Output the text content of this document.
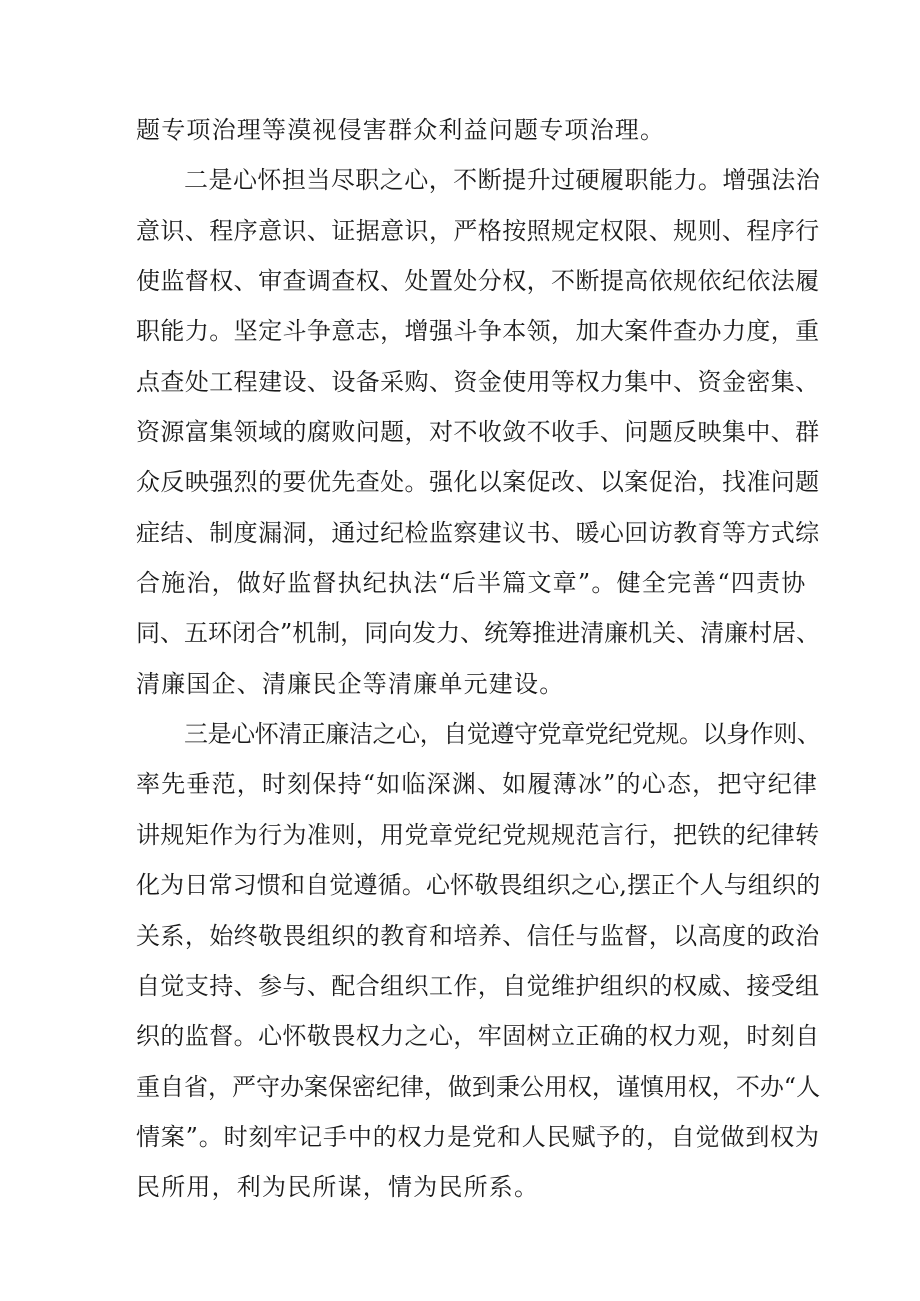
题专项治理等漠视侵害群众利益问题专项治理。
二是心怀担当尽职之心，不断提升过硬履职能力。增强法治
意识、程序意识、证据意识，严格按照规定权限、规则、程序行
使监督权、审查调查权、处置处分权，不断提高依规依纪依法履
职能力。坚定斗争意志，增强斗争本领，加大案件查办力度，重
点查处工程建设、设备采购、资金使用等权力集中、资金密集、
资源富集领域的腐败问题，对不收敛不收手、问题反映集中、群
众反映强烈的要优先查处。强化以案促改、以案促治，找准问题
症结、制度漏洞，通过纪检监察建议书、暖心回访教育等方式综
合施治，做好监督执纪执法“后半篇文章”。健全完善“四责协
同、五环闭合”机制，同向发力、统筹推进清廉机关、清廉村居、
清廉国企、清廉民企等清廉单元建设。
三是心怀清正廉洁之心，自觉遵守党章党纪党规。以身作则、
率先垂范，时刻保持“如临深渊、如履薄冰”的心态，把守纪律
讲规矩作为行为准则，用党章党纪党规规范言行，把铁的纪律转
化为日常习惯和自觉遵循。心怀敬畏组织之心,摆正个人与组织的
关系，始终敬畏组织的教育和培养、信任与监督，以高度的政治
自觉支持、参与、配合组织工作，自觉维护组织的权威、接受组
织的监督。心怀敬畏权力之心，牢固树立正确的权力观，时刻自
重自省，严守办案保密纪律，做到秉公用权，谨慎用权，不办“人
情案”。时刻牢记手中的权力是党和人民赋予的，自觉做到权为
民所用，利为民所谋，情为民所系。
